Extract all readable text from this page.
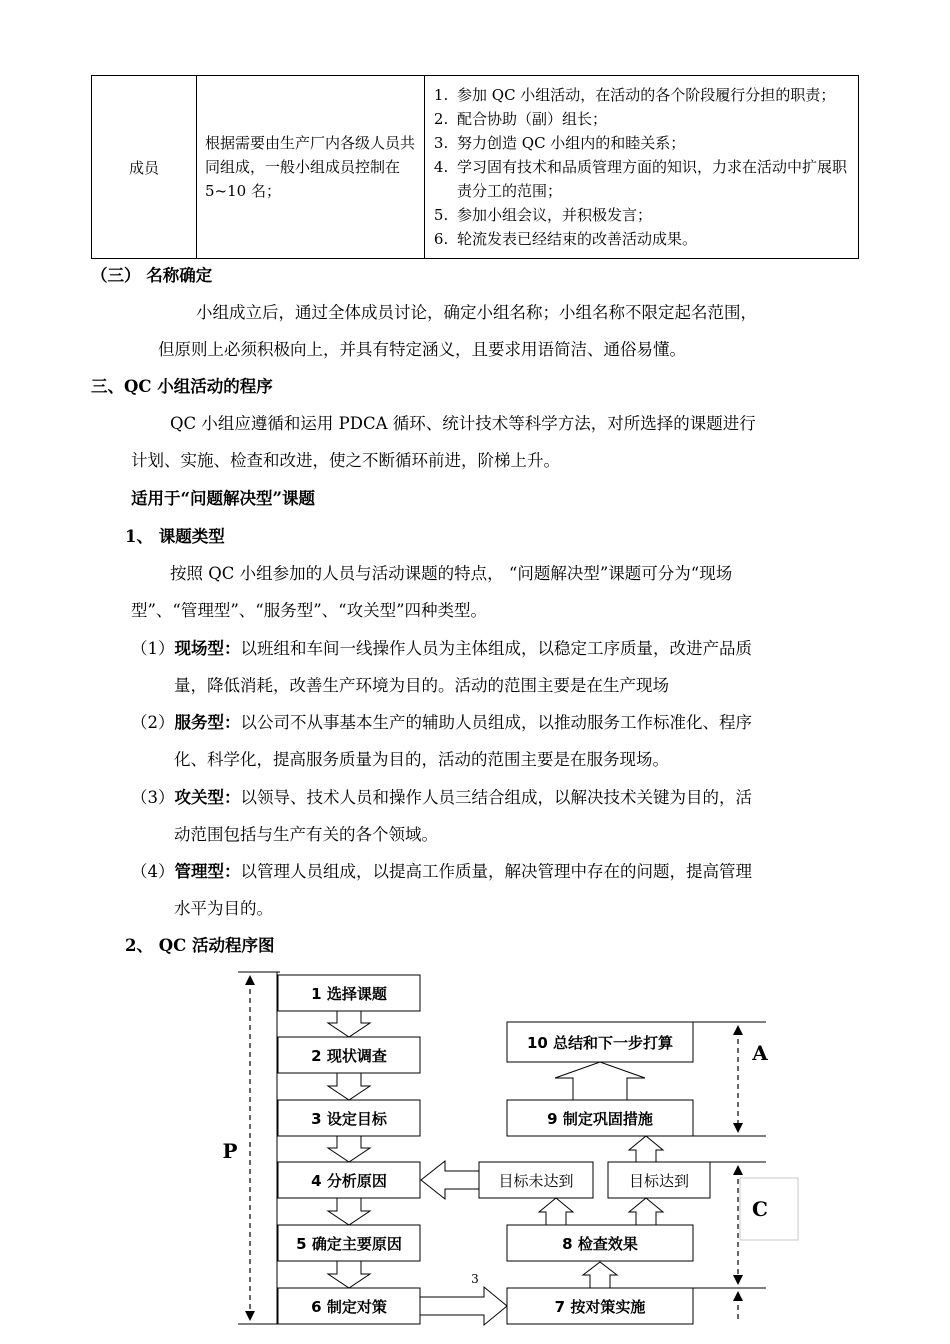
成员	根据需要由生产厂内各级人员共同组成，一般小组成员控制在 5~10 名；	
1. 参加 QC 小组活动，在活动的各个阶段履行分担的职责；
2. 配合协助（副）组长；
3. 努力创造 QC 小组内的和睦关系；
4. 学习固有技术和品质管理方面的知识，力求在活动中扩展职责分工的范围；
5. 参加小组会议，并积极发言；
6. 轮流发表已经结束的改善活动成果。
（三） 名称确定
小组成立后，通过全体成员讨论，确定小组名称；小组名称不限定起名范围，
但原则上必须积极向上，并具有特定涵义，且要求用语简洁、通俗易懂。
三、QC 小组活动的程序
QC 小组应遵循和运用 PDCA 循环、统计技术等科学方法，对所选择的课题进行
计划、实施、检查和改进，使之不断循环前进，阶梯上升。
适用于“问题解决型”课题
1、 课题类型
按照 QC 小组参加的人员与活动课题的特点， “问题解决型”课题可分为“现场
型”、“管理型”、“服务型”、“攻关型”四种类型。
（1）现场型：以班组和车间一线操作人员为主体组成，以稳定工序质量，改进产品质
量，降低消耗，改善生产环境为目的。活动的范围主要是在生产现场
（2）服务型：以公司不从事基本生产的辅助人员组成，以推动服务工作标准化、程序
化、科学化，提高服务质量为目的，活动的范围主要是在服务现场。
（3）攻关型：以领导、技术人员和操作人员三结合组成，以解决技术关键为目的，活
动范围包括与生产有关的各个领域。
（4）管理型：以管理人员组成，以提高工作质量，解决管理中存在的问题，提高管理
水平为目的。
2、 QC 活动程序图
P
A
C
1 选择课题
2 现状调查
3 设定目标
4 分析原因
5 确定主要原因
6 制定对策
10 总结和下一步打算
9 制定巩固措施
8 检查效果
7 按对策实施
目标未达到	目标达到
3
